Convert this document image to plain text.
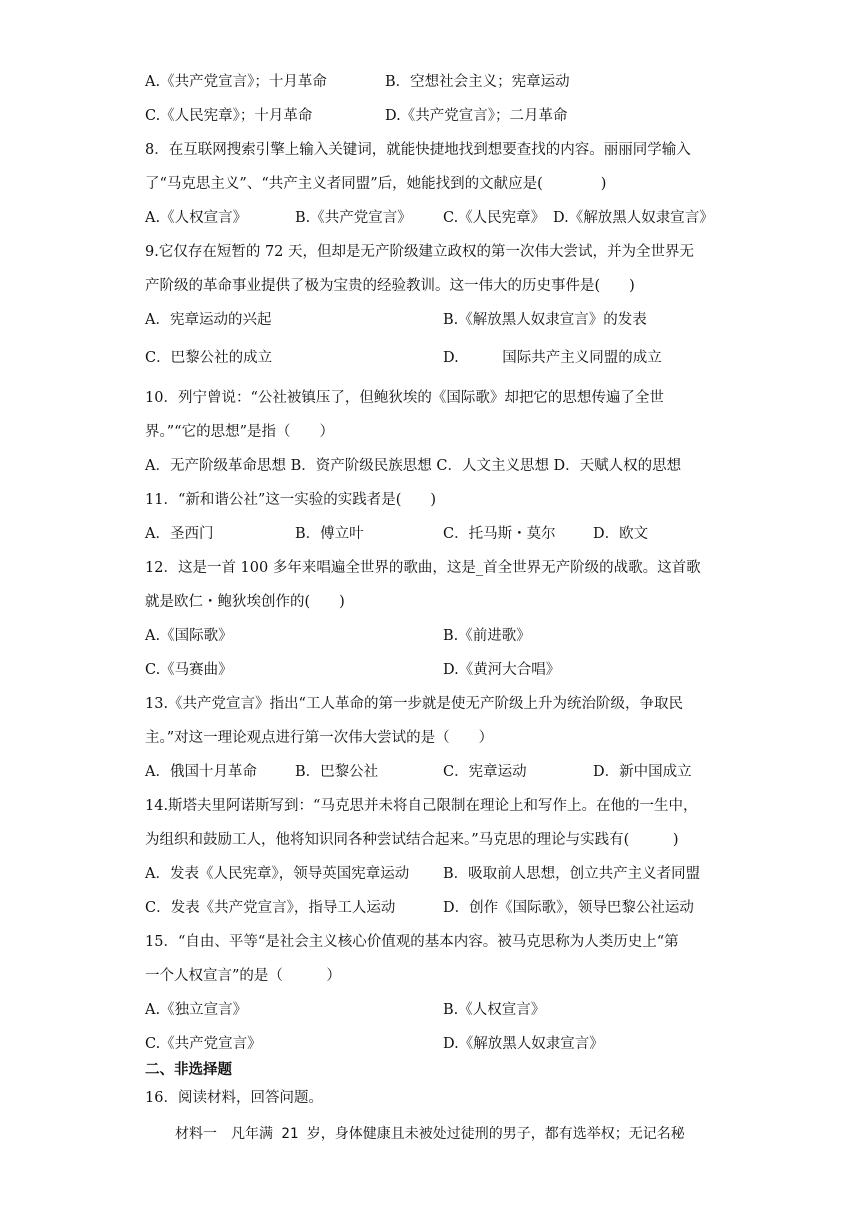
A.《共产党宣言》；十月革命	B．空想社会主义；宪章运动
C.《人民宪章》；十月革命	D.《共产党宣言》；二月革命
8．在互联网搜索引擎上输入关键词，就能快捷地找到想要查找的内容。丽丽同学输入
了“马克思主义”、“共产主义者同盟”后，她能找到的文献应是(　　　　)
A.《人权宣言》	B.《共产党宣言》 C.《人民宪章》 D.《解放黑人奴隶宣言》
9.它仅存在短暂的 72 天，但却是无产阶级建立政权的第一次伟大尝试，并为全世界无
产阶级的革命事业提供了极为宝贵的经验教训。这一伟大的历史事件是(　　)
A．宪章运动的兴起	B.《解放黑人奴隶宣言》的发表
C．巴黎公社的成立	D.　　　国际共产主义同盟的成立
10．列宁曾说：“公社被镇压了，但鲍狄埃的《国际歌》却把它的思想传遍了全世
界。”“它的思想”是指（　　）
A．无产阶级革命思想 B．资产阶级民族思想 C．人文主义思想 D．天赋人权的思想
11．“新和谐公社”这一实验的实践者是(　　)
A．圣西门	B．傅立叶	C．托马斯・莫尔	D．欧文
12．这是一首 100 多年来唱遍全世界的歌曲，这是_首全世界无产阶级的战歌。这首歌
就是欧仁・鲍狄埃创作的(　　)
A.《国际歌》	B.《前进歌》
C.《马赛曲》	D.《黄河大合唱》
13.《共产党宣言》指出“工人革命的第一步就是使无产阶级上升为统治阶级，争取民
主。”对这一理论观点进行第一次伟大尝试的是（　　）
A．俄国十月革命	B．巴黎公社	C．宪章运动	D．新中国成立
14.斯塔夫里阿诺斯写到：“马克思并未将自己限制在理论上和写作上。在他的一生中，
为组织和鼓励工人，他将知识同各种尝试结合起来。”马克思的理论与实践有(　　　)
A．发表《人民宪章》，领导英国宪章运动 B．吸取前人思想，创立共产主义者同盟
C．发表《共产党宣言》，指导工人运动	D．创作《国际歌》，领导巴黎公社运动
15．“自由、平等“是社会主义核心价值观的基本内容。被马克思称为人类历史上“第
一个人权宣言”的是（　　　）
A.《独立宣言》	B.《人权宣言》
C.《共产党宣言》	D.《解放黑人奴隶宣言》
二、非选择题
16．阅读材料，回答问题。
材料一　凡年满 21 岁，身体健康且未被处过徒刑的男子，都有选举权；无记名秘
